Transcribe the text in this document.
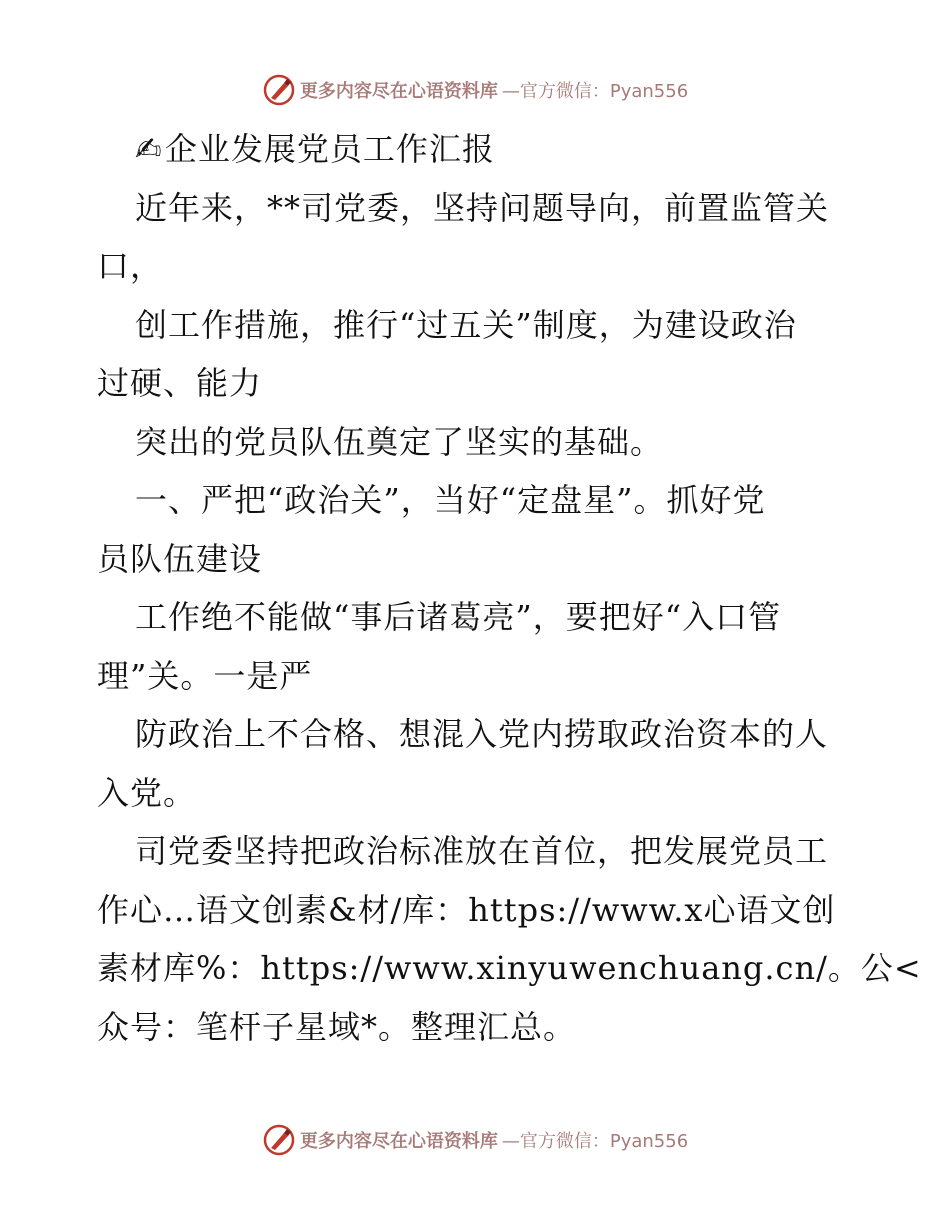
更多内容尽在心语资料库 —官方微信：Pyan556
✍企业发展党员工作汇报
近年来，**司党委，坚持问题导向，前置监管关
口，
创工作措施，推行“过五关”制度，为建设政治
过硬、能力
突出的党员队伍奠定了坚实的基础。
一、严把“政治关”，当好“定盘星”。抓好党
员队伍建设
工作绝不能做“事后诸葛亮”，要把好“入口管
理”关。一是严
防政治上不合格、想混入党内捞取政治资本的人
入党。
司党委坚持把政治标准放在首位，把发展党员工
作心…语文创素&材/库：https://www.x心语文创
素材库%：https://www.xinyuwenchuang.cn/。公<
众号：笔杆子星域*。整理汇总。
更多内容尽在心语资料库 —官方微信：Pyan556
